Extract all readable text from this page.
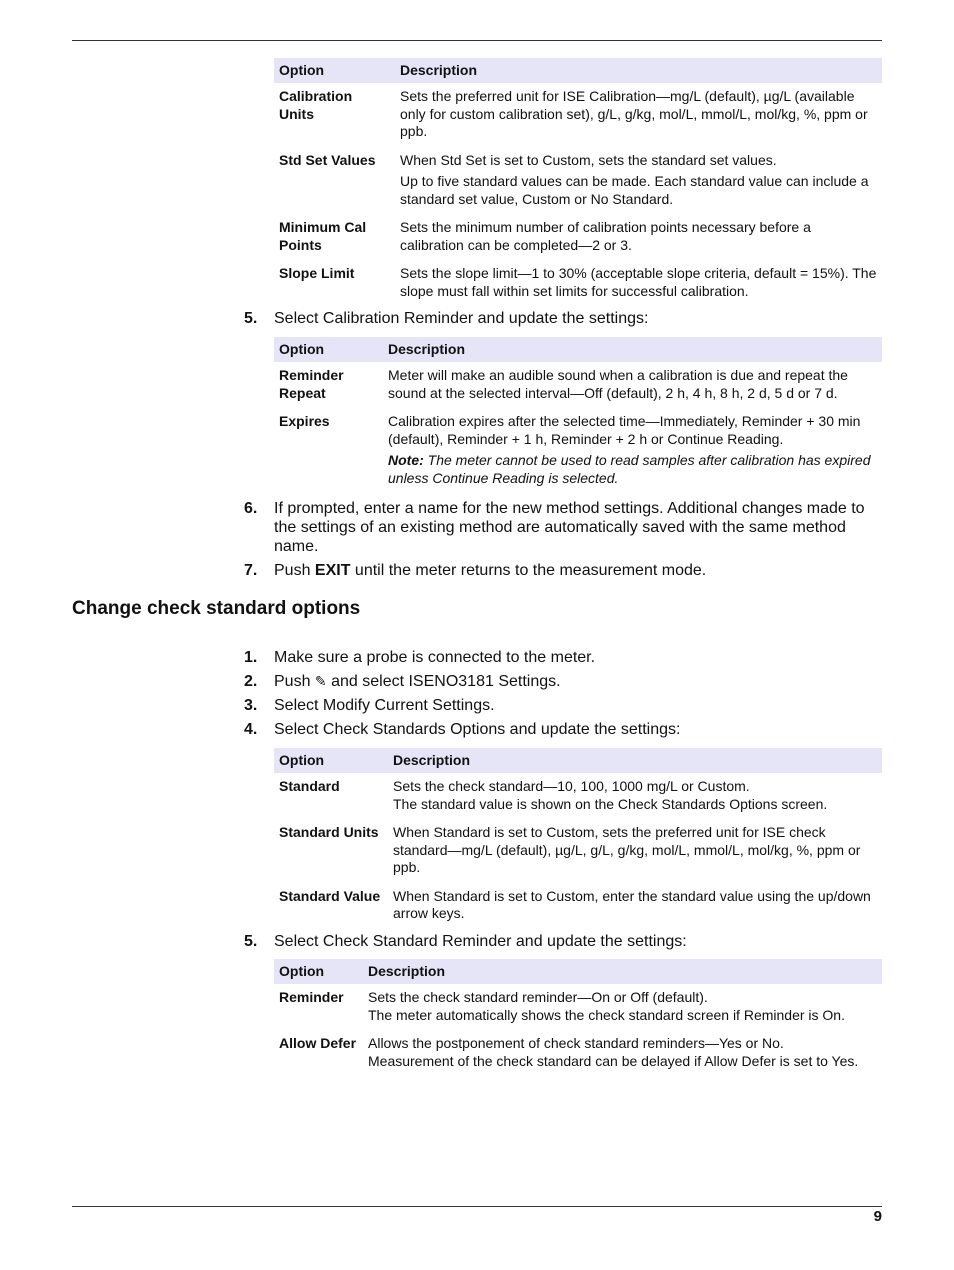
Option	Description
Calibration Units	Sets the preferred unit for ISE Calibration—mg/L (default), µg/L (available only for custom calibration set), g/L, g/kg, mol/L, mmol/L, mol/kg, %, ppm or ppb.

Std Set Values	When Std Set is set to Custom, sets the standard set values.

Up to five standard values can be made. Each standard value can include a standard set value, Custom or No Standard.

Minimum Cal Points	Sets the minimum number of calibration points necessary before a calibration can be completed—2 or 3.

Slope Limit	Sets the slope limit—1 to 30% (acceptable slope criteria, default = 15%). The slope must fall within set limits for successful calibration.

5. Select Calibration Reminder and update the settings:
Option	Description
Reminder Repeat	Meter will make an audible sound when a calibration is due and repeat the sound at the selected interval—Off (default), 2 h, 4 h, 8 h, 2 d, 5 d or 7 d.

Expires	Calibration expires after the selected time—Immediately, Reminder + 30 min (default), Reminder + 1 h, Reminder + 2 h or Continue Reading.

Note: The meter cannot be used to read samples after calibration has expired unless Continue Reading is selected.

6. If prompted, enter a name for the new method settings. Additional changes made to the settings of an existing method are automatically saved with the same method name.
7. Push EXIT until the meter returns to the measurement mode.
Change check standard options
1. Make sure a probe is connected to the meter.
2. Push ✎ and select ISENO3181 Settings.
3. Select Modify Current Settings.
4. Select Check Standards Options and update the settings:
Option	Description
Standard	Sets the check standard—10, 100, 1000 mg/L or Custom.
The standard value is shown on the Check Standards Options screen.

Standard Units	When Standard is set to Custom, sets the preferred unit for ISE check standard—mg/L (default), µg/L, g/L, g/kg, mol/L, mmol/L, mol/kg, %, ppm or ppb.

Standard Value	When Standard is set to Custom, enter the standard value using the up/down arrow keys.

5. Select Check Standard Reminder and update the settings:
Option	Description
Reminder	Sets the check standard reminder—On or Off (default).
The meter automatically shows the check standard screen if Reminder is On.

Allow Defer	Allows the postponement of check standard reminders—Yes or No.
Measurement of the check standard can be delayed if Allow Defer is set to Yes.

9
